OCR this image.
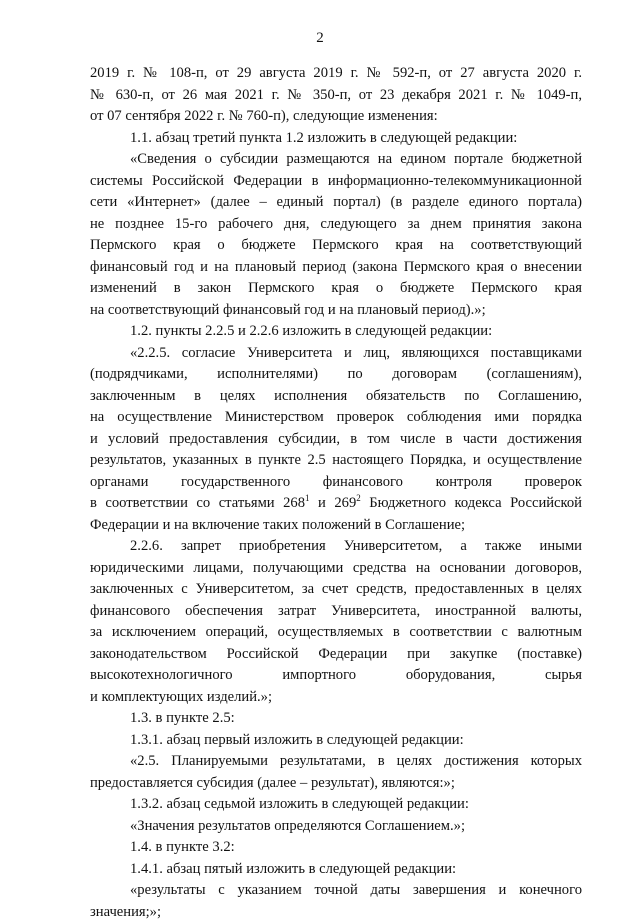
2
2019 г. № 108-п, от 29 августа 2019 г. № 592-п, от 27 августа 2020 г.
№ 630-п, от 26 мая 2021 г. № 350-п, от 23 декабря 2021 г. № 1049-п,
от 07 сентября 2022 г. № 760-п), следующие изменения:
1.1. абзац третий пункта 1.2 изложить в следующей редакции:
«Сведения о субсидии размещаются на едином портале бюджетной
системы Российской Федерации в информационно-телекоммуникационной
сети «Интернет» (далее – единый портал) (в разделе единого портала)
не позднее 15-го рабочего дня, следующего за днем принятия закона
Пермского края о бюджете Пермского края на соответствующий
финансовый год и на плановый период (закона Пермского края о внесении
изменений в закон Пермского края о бюджете Пермского края
на соответствующий финансовый год и на плановый период).»;
1.2. пункты 2.2.5 и 2.2.6 изложить в следующей редакции:
«2.2.5. согласие Университета и лиц, являющихся поставщиками
(подрядчиками, исполнителями) по договорам (соглашениям),
заключенным в целях исполнения обязательств по Соглашению,
на осуществление Министерством проверок соблюдения ими порядка
и условий предоставления субсидии, в том числе в части достижения
результатов, указанных в пункте 2.5 настоящего Порядка, и осуществление
органами государственного финансового контроля проверок
в соответствии со статьями $268^1$ и $269^2$ Бюджетного кодекса Российской
Федерации и на включение таких положений в Соглашение;
2.2.6. запрет приобретения Университетом, а также иными
юридическими лицами, получающими средства на основании договоров,
заключенных с Университетом, за счет средств, предоставленных в целях
финансового обеспечения затрат Университета, иностранной валюты,
за исключением операций, осуществляемых в соответствии с валютным
законодательством Российской Федерации при закупке (поставке)
высокотехнологичного импортного оборудования, сырья
и комплектующих изделий.»;
1.3. в пункте 2.5:
1.3.1. абзац первый изложить в следующей редакции:
«2.5. Планируемыми результатами, в целях достижения которых
предоставляется субсидия (далее – результат), являются:»;
1.3.2. абзац седьмой изложить в следующей редакции:
«Значения результатов определяются Соглашением.»;
1.4. в пункте 3.2:
1.4.1. абзац пятый изложить в следующей редакции:
«результаты с указанием точной даты завершения и конечного
значения;»;
